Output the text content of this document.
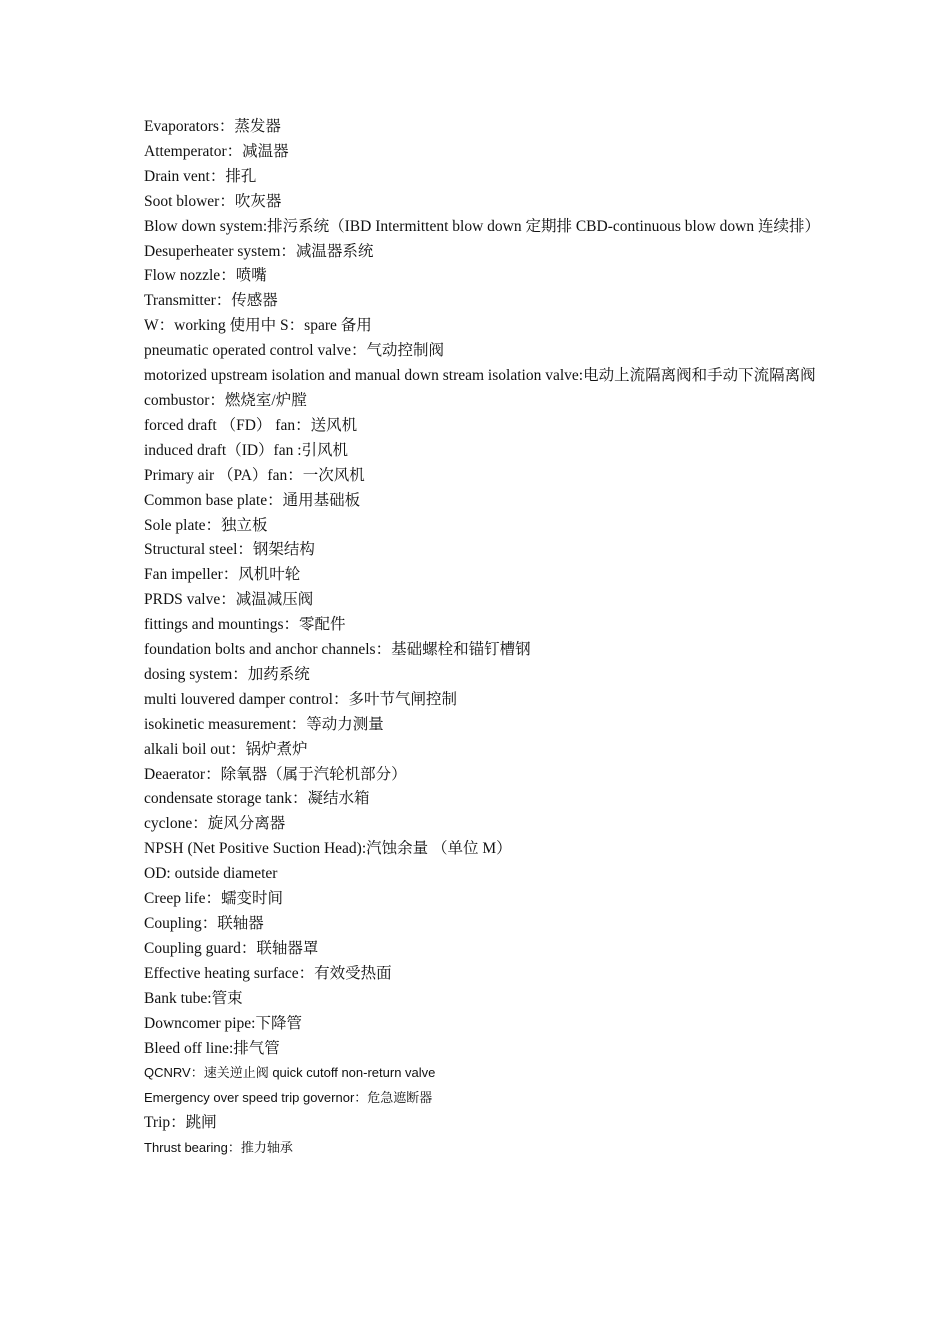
Evaporators：蒸发器
Attemperator：减温器
Drain vent：排孔
Soot blower：吹灰器
Blow down system:排污系统（IBD Intermittent blow down 定期排 CBD-continuous blow down 连续排）
Desuperheater system：减温器系统
Flow nozzle：喷嘴
Transmitter：传感器
W：working 使用中 S：spare 备用
pneumatic operated control valve：气动控制阀
motorized upstream isolation and manual down stream isolation valve:电动上流隔离阀和手动下流隔离阀
combustor：燃烧室/炉膛
forced draft （FD） fan：送风机
induced draft（ID）fan :引风机
Primary air （PA）fan：一次风机
Common base plate：通用基础板
Sole plate：独立板
Structural steel：钢架结构
Fan impeller：风机叶轮
PRDS valve：减温减压阀
fittings and mountings：零配件
foundation bolts and anchor channels：基础螺栓和锚钉槽钢
dosing system：加药系统
multi louvered damper control：多叶节气闸控制
isokinetic measurement：等动力测量
alkali boil out：锅炉煮炉
Deaerator：除氧器（属于汽轮机部分）
condensate storage tank：凝结水箱
cyclone：旋风分离器
NPSH (Net Positive Suction Head):汽蚀余量 （单位 M）
OD: outside diameter
Creep life：蠕变时间
Coupling：联轴器
Coupling guard：联轴器罩
Effective heating surface：有效受热面
Bank tube:管束
Downcomer pipe:下降管
Bleed off line:排气管
QCNRV：速关逆止阀 quick cutoff non-return valve
Emergency over speed trip governor：危急遮断器
Trip：跳闸
Thrust bearing：推力轴承
